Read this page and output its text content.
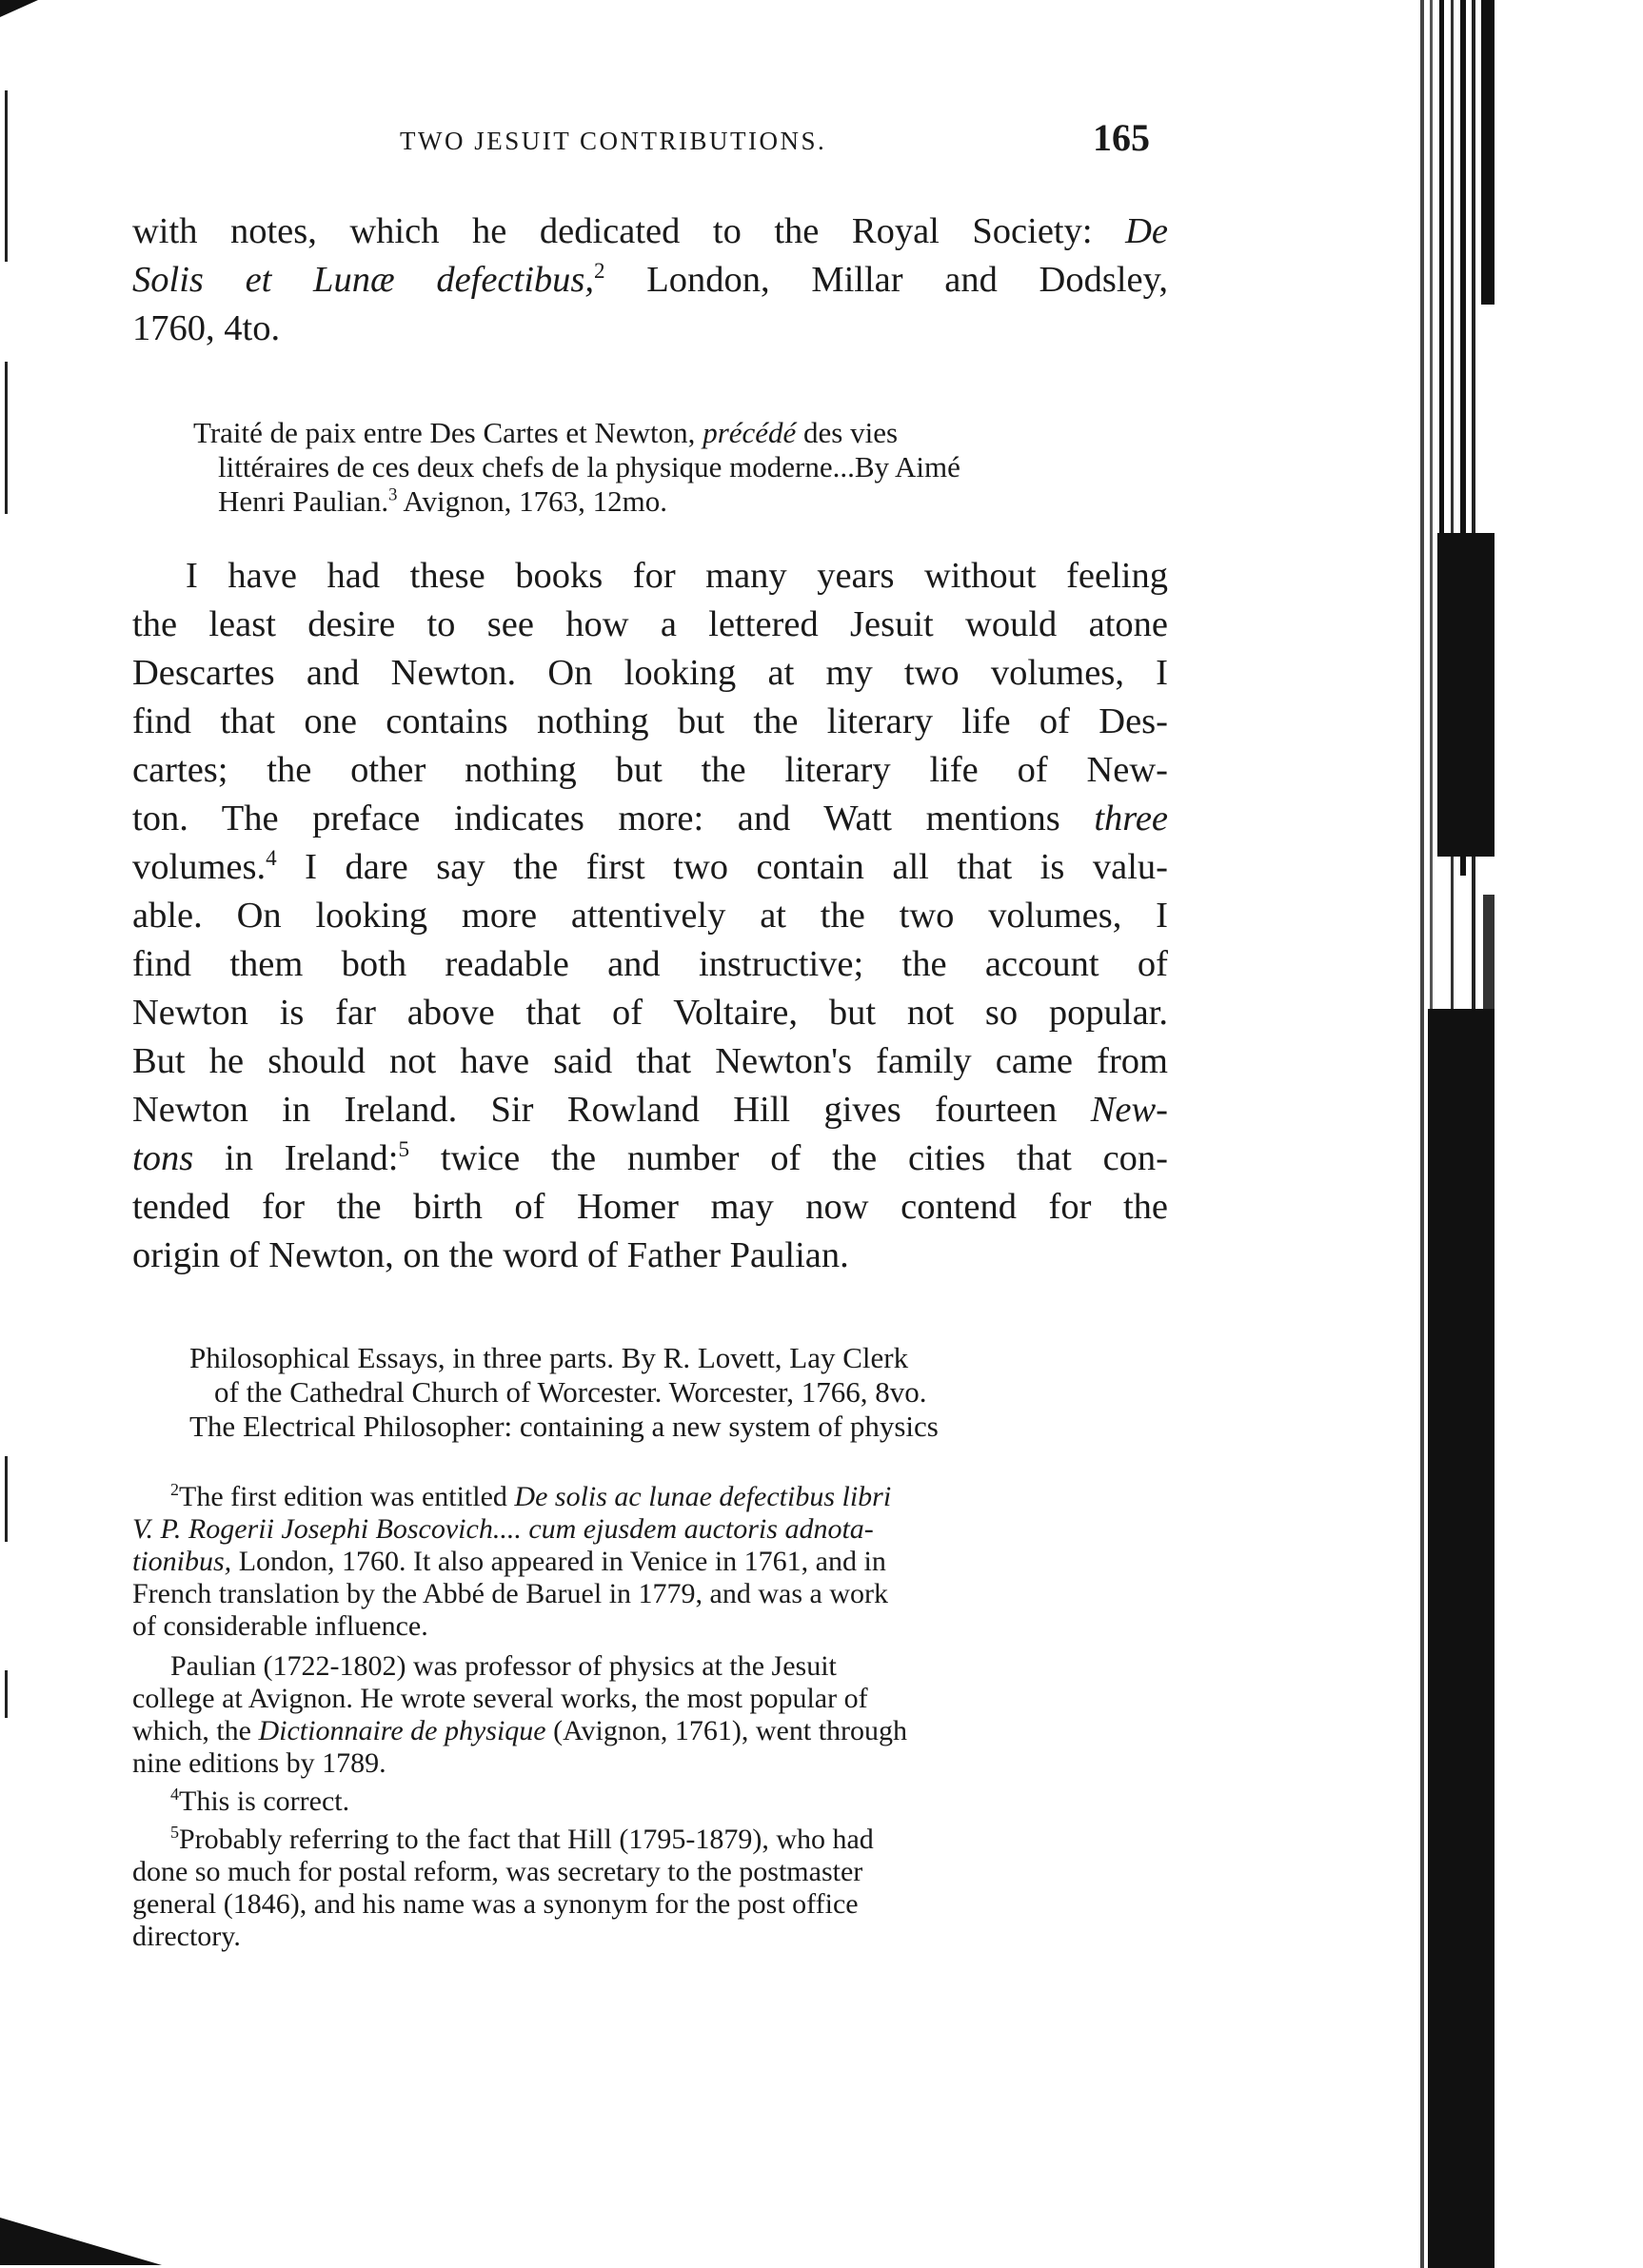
TWO JESUIT CONTRIBUTIONS.	165
with notes, which he dedicated to the Royal Society: De
Solis et Lunæ defectibus,$^2$ London, Millar and Dodsley,
1760, 4to.
Traité de paix entre Des Cartes et Newton, précédé des vies
littéraires de ces deux chefs de la physique moderne...By Aimé
Henri Paulian.$^3$ Avignon, 1763, 12mo.
I have had these books for many years without feeling
the least desire to see how a lettered Jesuit would atone
Descartes and Newton. On looking at my two volumes, I
find that one contains nothing but the literary life of Des-
cartes; the other nothing but the literary life of New-
ton. The preface indicates more: and Watt mentions three
volumes.$^4$ I dare say the first two contain all that is valu-
able. On looking more attentively at the two volumes, I
find them both readable and instructive; the account of
Newton is far above that of Voltaire, but not so popular.
But he should not have said that Newton's family came from
Newton in Ireland. Sir Rowland Hill gives fourteen New-
tons in Ireland:$^5$ twice the number of the cities that con-
tended for the birth of Homer may now contend for the
origin of Newton, on the word of Father Paulian.
Philosophical Essays, in three parts. By R. Lovett, Lay Clerk
of the Cathedral Church of Worcester. Worcester, 1766, 8vo.
The Electrical Philosopher: containing a new system of physics
$^2$The first edition was entitled De solis ac lunae defectibus libri
V. P. Rogerii Josephi Boscovich.... cum ejusdem auctoris adnota-
tionibus, London, 1760. It also appeared in Venice in 1761, and in
French translation by the Abbé de Baruel in 1779, and was a work
of considerable influence.
Paulian (1722-1802) was professor of physics at the Jesuit
college at Avignon. He wrote several works, the most popular of
which, the Dictionnaire de physique (Avignon, 1761), went through
nine editions by 1789.
$^4$This is correct.
$^5$Probably referring to the fact that Hill (1795-1879), who had
done so much for postal reform, was secretary to the postmaster
general (1846), and his name was a synonym for the post office
directory.
